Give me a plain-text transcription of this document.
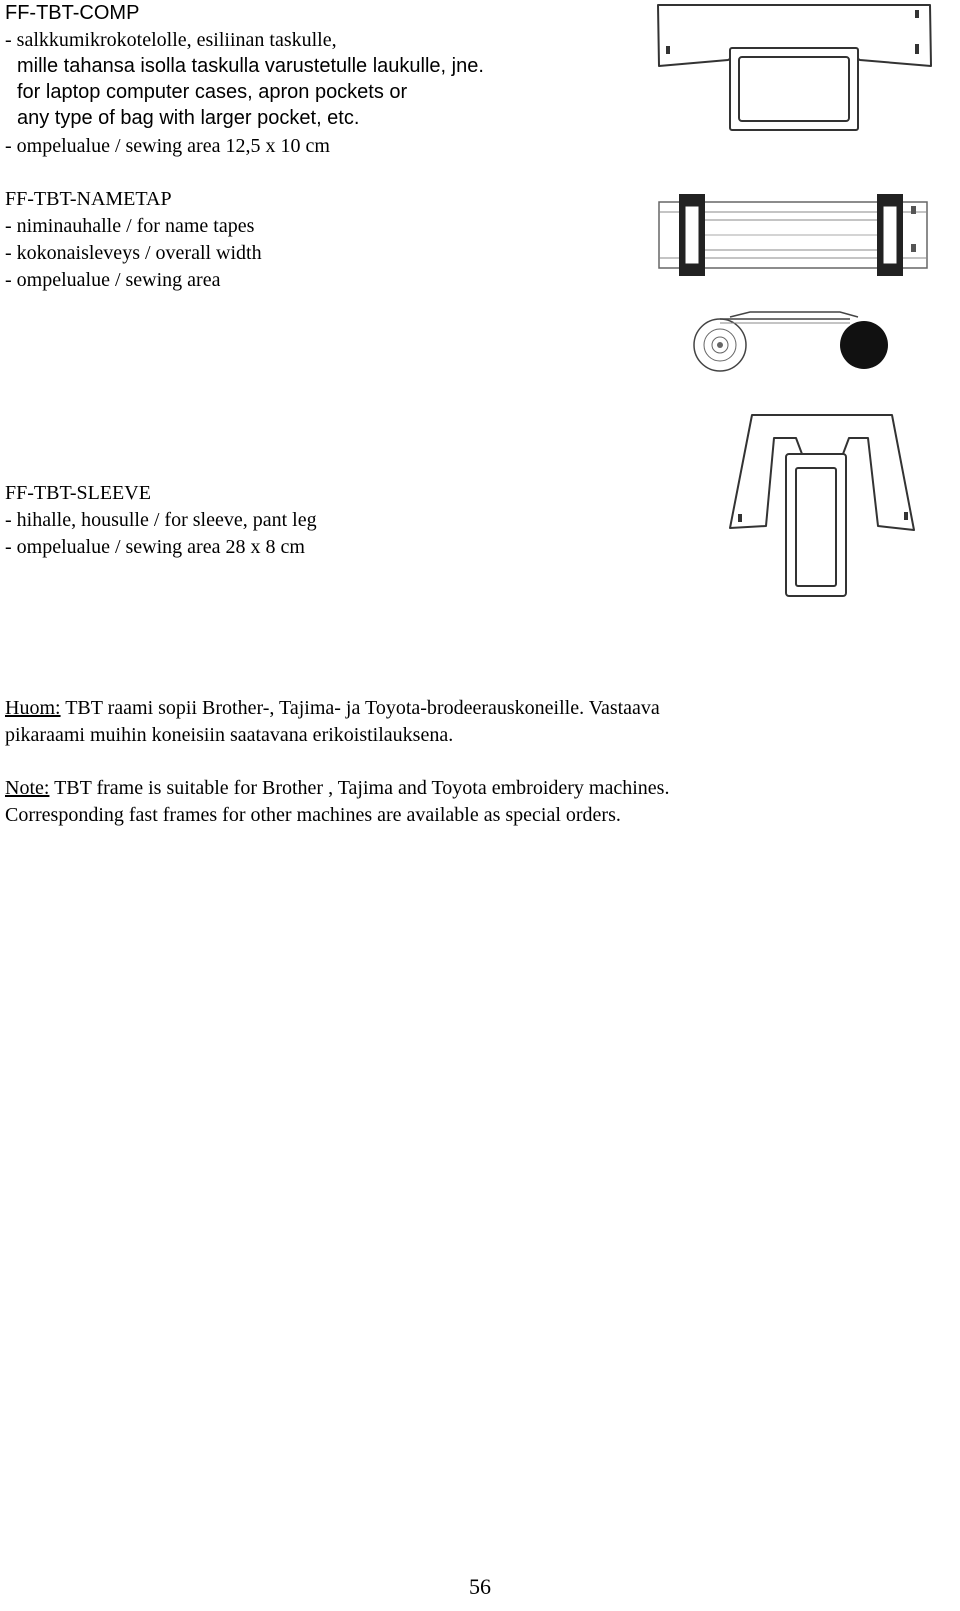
FF-TBT-COMP
- salkkumikrokotelolle, esiliinan taskulle,
mille tahansa isolla taskulla varustetulle laukulle, jne.
for laptop computer cases, apron pockets or
any type of bag with larger pocket, etc.
- ompelualue / sewing area 12,5 x 10 cm
FF-TBT-NAMETAP
- niminauhalle / for name tapes
- kokonaisleveys / overall width
- ompelualue / sewing area
FF-TBT-SLEEVE
- hihalle, housulle / for sleeve, pant leg
- ompelualue / sewing area 28 x 8 cm
Huom: TBT raami sopii Brother-, Tajima- ja Toyota-brodeerauskoneille. Vastaava
pikaraami muihin koneisiin saatavana erikoistilauksena.
Note: TBT frame is suitable for Brother , Tajima and Toyota embroidery machines.
Corresponding fast frames for other machines are available as special orders.
56
